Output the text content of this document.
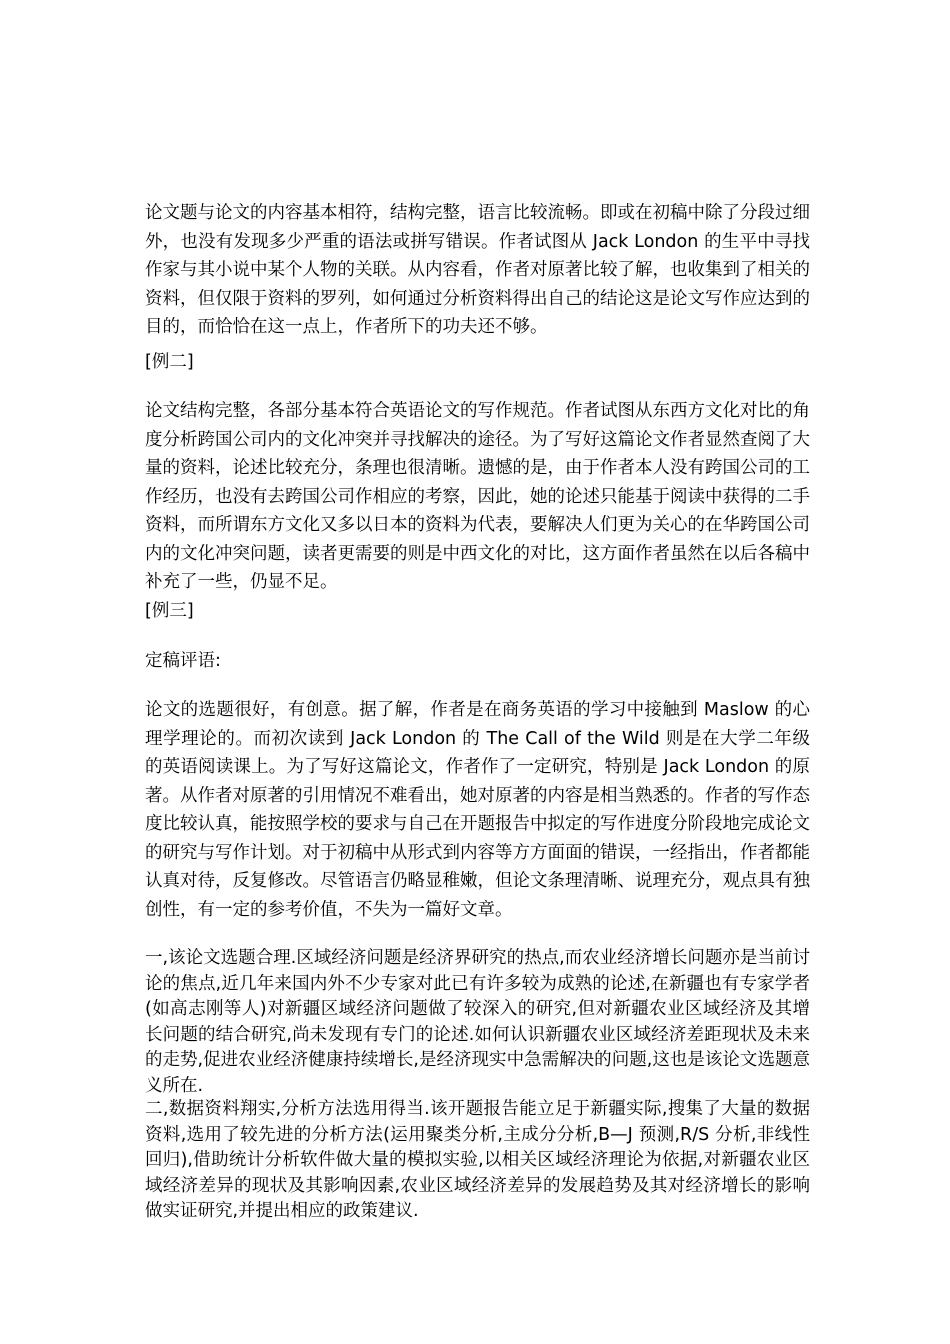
论文题与论文的内容基本相符，结构完整，语言比较流畅。即或在初稿中除了分段过细外，也没有发现多少严重的语法或拼写错误。作者试图从 Jack London 的生平中寻找作家与其小说中某个人物的关联。从内容看，作者对原著比较了解，也收集到了相关的资料，但仅限于资料的罗列，如何通过分析资料得出自己的结论这是论文写作应达到的目的，而恰恰在这一点上，作者所下的功夫还不够。
[例二]
论文结构完整，各部分基本符合英语论文的写作规范。作者试图从东西方文化对比的角度分析跨国公司内的文化冲突并寻找解决的途径。为了写好这篇论文作者显然查阅了大量的资料，论述比较充分，条理也很清晰。遗憾的是，由于作者本人没有跨国公司的工作经历，也没有去跨国公司作相应的考察，因此，她的论述只能基于阅读中获得的二手资料，而所谓东方文化又多以日本的资料为代表，要解决人们更为关心的在华跨国公司内的文化冲突问题，读者更需要的则是中西文化的对比，这方面作者虽然在以后各稿中补充了一些，仍显不足。
[例三]
定稿评语:
论文的选题很好，有创意。据了解，作者是在商务英语的学习中接触到 Maslow 的心理学理论的。而初次读到 Jack London 的 The Call of the Wild 则是在大学二年级的英语阅读课上。为了写好这篇论文，作者作了一定研究，特别是 Jack London 的原著。从作者对原著的引用情况不难看出，她对原著的内容是相当熟悉的。作者的写作态度比较认真，能按照学校的要求与自己在开题报告中拟定的写作进度分阶段地完成论文的研究与写作计划。对于初稿中从形式到内容等方方面面的错误，一经指出，作者都能认真对待，反复修改。尽管语言仍略显稚嫩，但论文条理清晰、说理充分，观点具有独创性，有一定的参考价值，不失为一篇好文章。
一,该论文选题合理.区域经济问题是经济界研究的热点,而农业经济增长问题亦是当前讨论的焦点,近几年来国内外不少专家对此已有许多较为成熟的论述,在新疆也有专家学者(如高志刚等人)对新疆区域经济问题做了较深入的研究,但对新疆农业区域经济及其增长问题的结合研究,尚未发现有专门的论述.如何认识新疆农业区域经济差距现状及未来的走势,促进农业经济健康持续增长,是经济现实中急需解决的问题,这也是该论文选题意义所在.
二,数据资料翔实,分析方法选用得当.该开题报告能立足于新疆实际,搜集了大量的数据资料,选用了较先进的分析方法(运用聚类分析,主成分分析,B—J 预测,R/S 分析,非线性回归),借助统计分析软件做大量的模拟实验,以相关区域经济理论为依据,对新疆农业区域经济差异的现状及其影响因素,农业区域经济差异的发展趋势及其对经济增长的影响做实证研究,并提出相应的政策建议.
